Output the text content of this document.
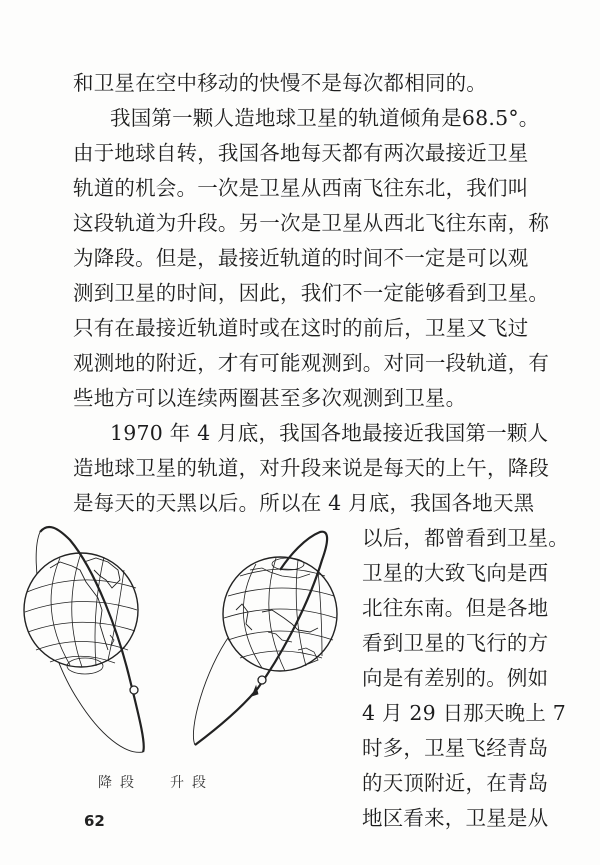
和卫星在空中移动的快慢不是每次都相同的。
我国第一颗人造地球卫星的轨道倾角是68.5°。
由于地球自转，我国各地每天都有两次最接近卫星
轨道的机会。一次是卫星从西南飞往东北，我们叫
这段轨道为升段。另一次是卫星从西北飞往东南，称
为降段。但是，最接近轨道的时间不一定是可以观
测到卫星的时间，因此，我们不一定能够看到卫星。
只有在最接近轨道时或在这时的前后，卫星又飞过
观测地的附近，才有可能观测到。对同一段轨道，有
些地方可以连续两圈甚至多次观测到卫星。
1970 年 4 月底，我国各地最接近我国第一颗人
造地球卫星的轨道，对升段来说是每天的上午，降段
是每天的天黑以后。所以在 4 月底，我国各地天黑
以后，都曾看到卫星。
卫星的大致飞向是西
北往东南。但是各地
看到卫星的飞行的方
向是有差别的。例如
4 月 29 日那天晚上 7
时多，卫星飞经青岛
的天顶附近，在青岛
地区看来，卫星是从
降段 升段
62
